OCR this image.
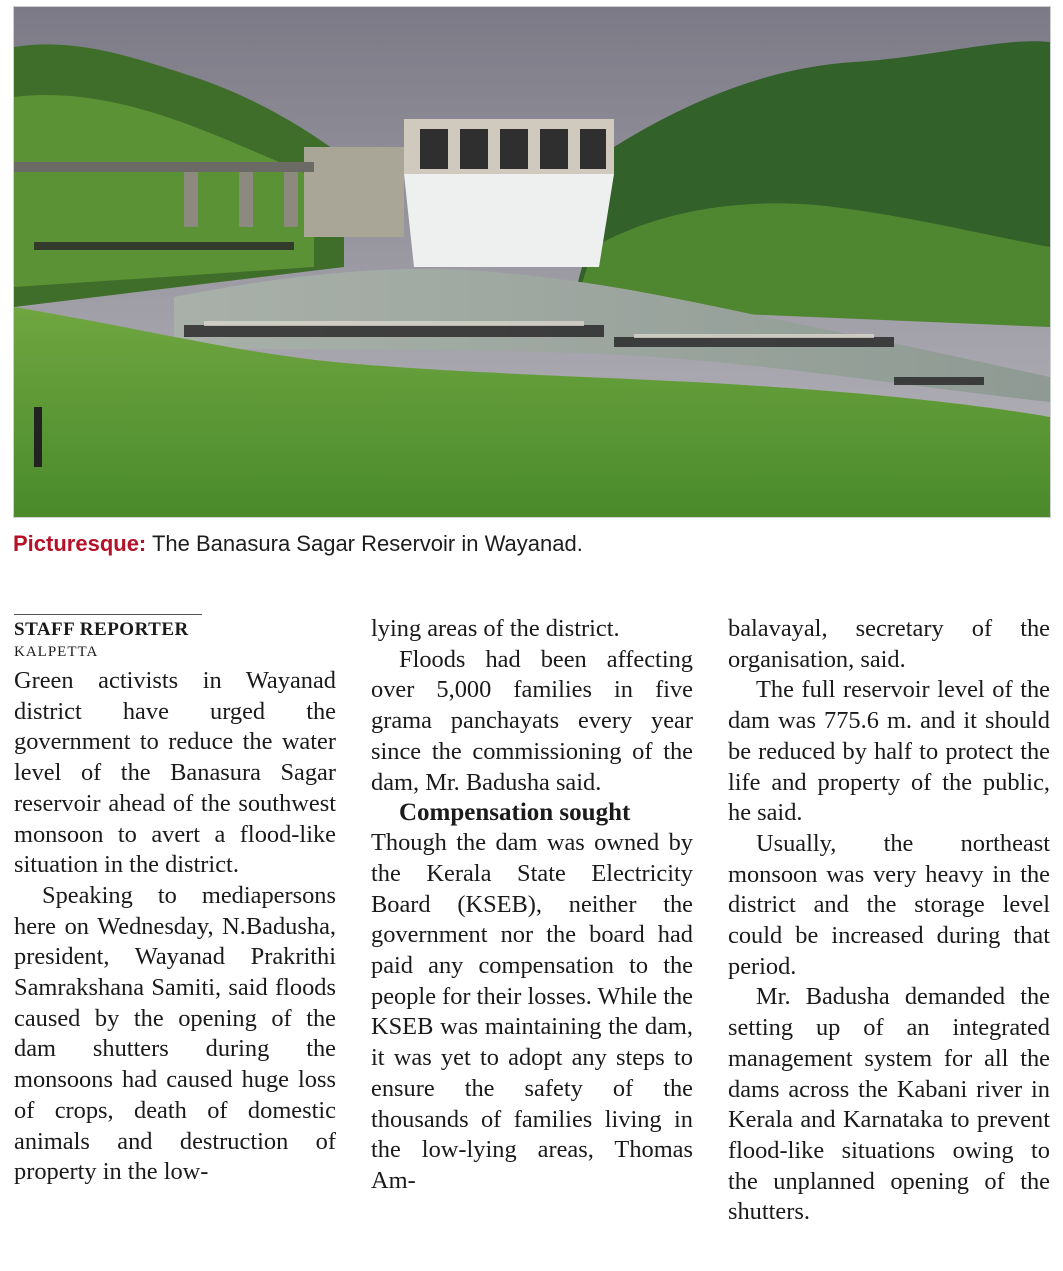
Picturesque: The Banasura Sagar Reservoir in Wayanad.
STAFF REPORTER
KALPETTA

Green activists in Wayanad district have urged the government to reduce the water level of the Banasura Sagar reservoir ahead of the southwest monsoon to avert a flood-like situation in the district.

Speaking to mediapersons here on Wednesday, N.Badusha, president, Wayanad Prakrithi Samrakshana Samiti, said floods caused by the opening of the dam shutters during the monsoons had caused huge loss of crops, death of domestic animals and destruction of property in the low-

lying areas of the district.

Floods had been affecting over 5,000 families in five grama panchayats every year since the commissioning of the dam, Mr. Badusha said.

Compensation sought

Though the dam was owned by the Kerala State Electricity Board (KSEB), neither the government nor the board had paid any compensation to the people for their losses. While the KSEB was maintaining the dam, it was yet to adopt any steps to ensure the safety of the thousands of families living in the low-lying areas, Thomas Am-

balavayal, secretary of the organisation, said.

The full reservoir level of the dam was 775.6 m. and it should be reduced by half to protect the life and property of the public, he said.

Usually, the northeast monsoon was very heavy in the district and the storage level could be increased during that period.

Mr. Badusha demanded the setting up of an integrated management system for all the dams across the Kabani river in Kerala and Karnataka to prevent flood-like situations owing to the unplanned opening of the shutters.
